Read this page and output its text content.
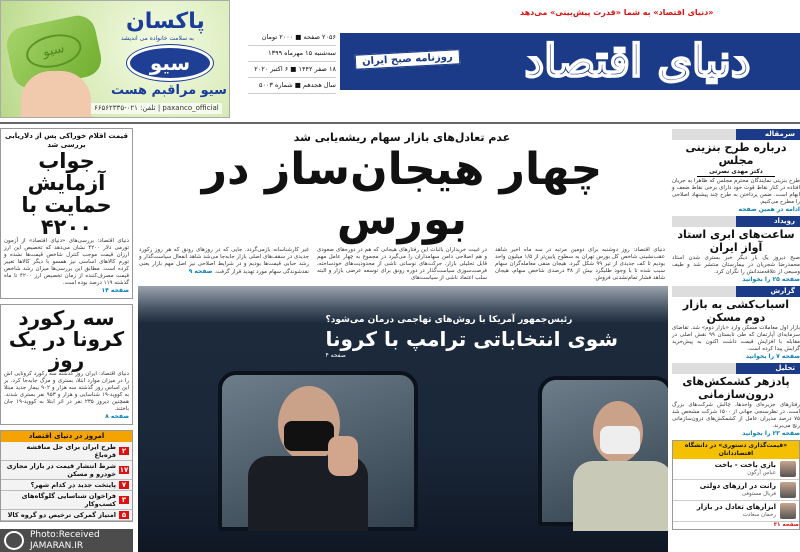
سیو
پاکسان
به سلامت خانواده می اندیشد
سیو
سیو مراقبم هست
تلفن: ۰۲۱-۶۶۵۶۲۳۳۵ | paxanco_official
«دنیای اقتصاد» به شما «قدرت پیش‌بینی» می‌دهد
۲۰۵۶ صفحه ■ ۲۰۰۰ تومان
سه‌شنبه ۱۵ مهرماه ۱۳۹۹
۱۸ صفر ۱۴۴۲ ■ ۶ اکتبر ۲۰۲۰
سال هجدهم ■ شماره ۵۰۰۳	دنیای اقتصاد
روزنامه صبح ایران
قیمت اقلام خوراکی پس از دلاریابی بررسی شد
جواب آزمایش حمایت با ۴۲۰۰
دنیای اقتصاد: بررسی‌های «دنیای اقتصاد» از آزمون تورمی دلار ۴۲۰۰ نشان می‌دهد که تخصیص این ارز ارزان قیمت موجب کنترل شاخص قیمت‌ها نشده و تورم کالاهای اساسی نیز همسو با دیگر کالاها تغییر کرده است. مطابق این بررسی‌ها میزان رشد شاخص قیمت مصرف‌کننده از زمان تخصیص ارز ۴۲۰۰ تا ماه گذشته ۱۱۹ درصد بوده است.
صفحه ۱۴
سه رکورد کرونا در یک روز
دنیای اقتصاد: ایران روز گذشته سه رکورد کرونایی اش را در میزان موارد ابتلا، بستری و مرگ جابه‌جا کرد. بر این اساس روز گذشته سه هزار و ۹۰۲ بیمار جدید مبتلا به کووید-۱۹ شناسایی و هزار و ۹۵۳ نفر بستری شدند. همچنین دیروز ۲۳۵ نفر در اثر ابتلا به کووید-۱۹ جان باختند.
صفحه ۸
امروز در دنیای اقتصاد
۲
طرح ایران برای حل مناقشه قره‌باغ
۱۷
شرط انتشار قیمت در بازار مجازی خودرو و مسکن
۷
پایتخت جدید در کدام شهر؟
۳
فراخوان شناسایی گلوگاه‌های کسب‌وکار
۵
امتیاز گمرکی ترخیص دو گروه کالا
Photo:Received
JAMARAN.IR
عدم تعادل‌های بازار سهام ریشه‌یابی شد
چهار هیجان‌ساز در بورس
دنیای اقتصاد: روز دوشنبه برای دومین مرتبه در سه ماه اخیر شاهد عقب‌نشینی شاخص کل بورس تهران به سطوح پایین‌تر از ۱/۵ میلیون واحد بودیم تا کف جدیدی از تیر ۹۹ شکل گیرد. هیجان منفی معامله‌گران سهام سبب شده تا با وجود طلبگرد بیش از ۳۸ درصدی شاخص سهام، هیجان شاهد فشار تمام‌نشدنی فروش.
در غیبت خریداران باثبات این رفتارهای هیجانی که هم در دوره‌های صعودی و هم اصلاحی دامن سهامداران را می‌گیرد در مجموع به چهار عامل مهم قابل تحلیلی بازار، حرکت‌های نوسانی ناشی از محدودیت‌های خودساخته، فرصت‌سوزی سیاست‌گذار در دوره رونق برای توسعه عرضی بازار و البته سلب اعتماد ناشی از سیاست‌های
غیر کارشناسانه بازمی‌گردد. جایی که در روزهای رونق که هر روز رکورد جدیدی در سقف‌های اصلی بازار جابه‌جا می‌شد شاهد انفعال سیاست‌گذار و رشد حبابی قیمت‌ها بودیم و در شرایط اصلاحی نیز اصل مهم بازار یعنی نقدشوندگی سهام مورد تهدید قرار گرفت. صفحه ۹
رئیس‌جمهور آمریکا با روش‌های تهاجمی درمان می‌شود؟
شوی انتخاباتی ترامپ با کرونا
صفحه ۴
سرمقاله
درباره طرح بنزینی مجلس
دکتر مهدی نصرتی
طرح بنزینی نمایندگان محترم مجلس که ظاهرا به جریان افتاده در کنار نقاط قوت خود دارای برخی نقاط ضعف و ابهام است. ضمن پرداختن به طرح چند پیشنهاد اصلاحی را مطرح می‌کنیم.
ادامه در همین صفحه
رویداد
ساعت‌های ابری استاد آواز ایران
صبح دیروز یک بار دیگر خبر بستری شدن استاد محمدرضا شجریان در بیمارستان منتشر شد و طیف وسیعی از علاقه‌مندانش را نگران کرد.
صفحه ۲۵ را بخوانید
گزارش
اسباب‌کشی به بازار دوم مسکن
بازار اول معاملات مسکن وارد «بازار دوم» شد. تقاضای سرمایه‌ای آپارتمان که طی تابستان ۹۹ نقش اصلی در مقابله با افزایش قیمت داشت اکنون به پیش‌خرید گرایش پیدا کرده است.
صفحه ۷ را بخوانید
تحلیل
پادزهر کشمکش‌های درون‌سازمانی
رفتارهای جزیره‌ای واحدها، چالش شرکت‌های بزرگ است. در نظرسنجی جهانی از ۱۵۰۰ شرکت مشخص شد ۷۵ درصد مدیران عامل از کشمکش‌های درون‌سازمانی رنج می‌برند.
صفحه ۲۳ را بخوانید
«قیمت‌گذاری دستوری» در دانشگاه اقتصاددانان
بازی باخت - باخت
عباس آرگون
رانت در ارزهای دولتی
فریال مستوفی
ابزارهای تعادل در بازار
رحمان سعادت
صفحه ۳۱
